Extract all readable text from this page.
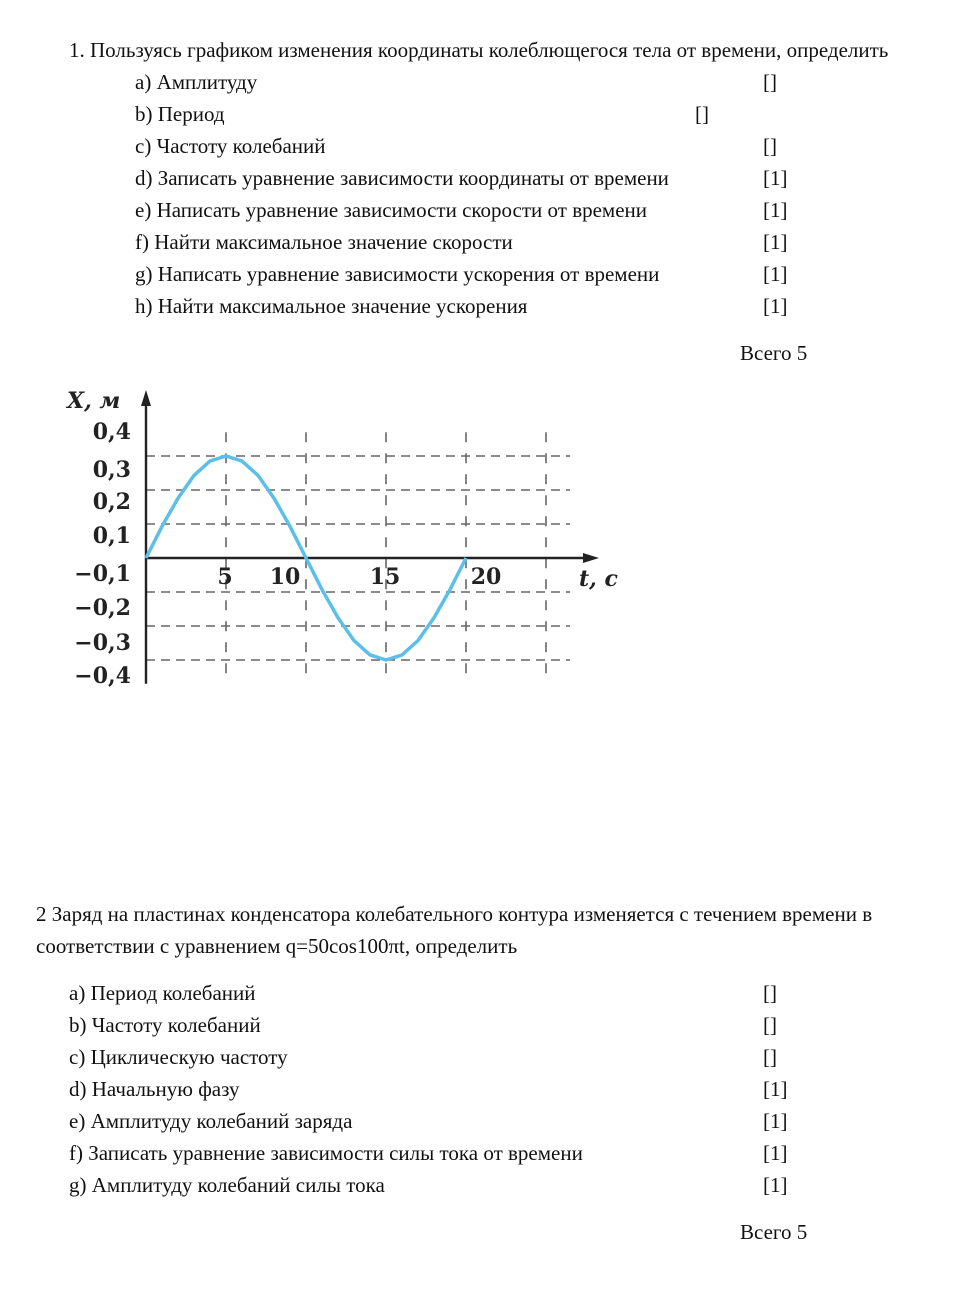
1. Пользуясь графиком изменения координаты колеблющегося тела от времени, определить
a) Амплитуду	[]
b) Период	[]
c) Частоту колебаний	[]
d) Записать уравнение зависимости координаты от времени	[1]
e) Написать уравнение зависимости скорости от времени	[1]
f) Найти максимальное значение скорости	[1]
g) Написать уравнение зависимости ускорения от времени	[1]
h) Найти максимальное значение ускорения	[1]
Всего 5
X, м
t, c
0,4
0,3
0,2
0,1
−0,1
−0,2
−0,3
−0,4
5 10	15	20
2 Заряд на пластинах конденсатора колебательного контура изменяется с течением времени в
соответствии с уравнением q=50cos100πt, определить
a) Период колебаний	[]
b) Частоту колебаний	[]
c) Циклическую частоту	[]
d) Начальную фазу	[1]
e) Амплитуду колебаний заряда	[1]
f) Записать уравнение зависимости силы тока от времени	[1]
g) Амплитуду колебаний силы тока	[1]
Всего 5
